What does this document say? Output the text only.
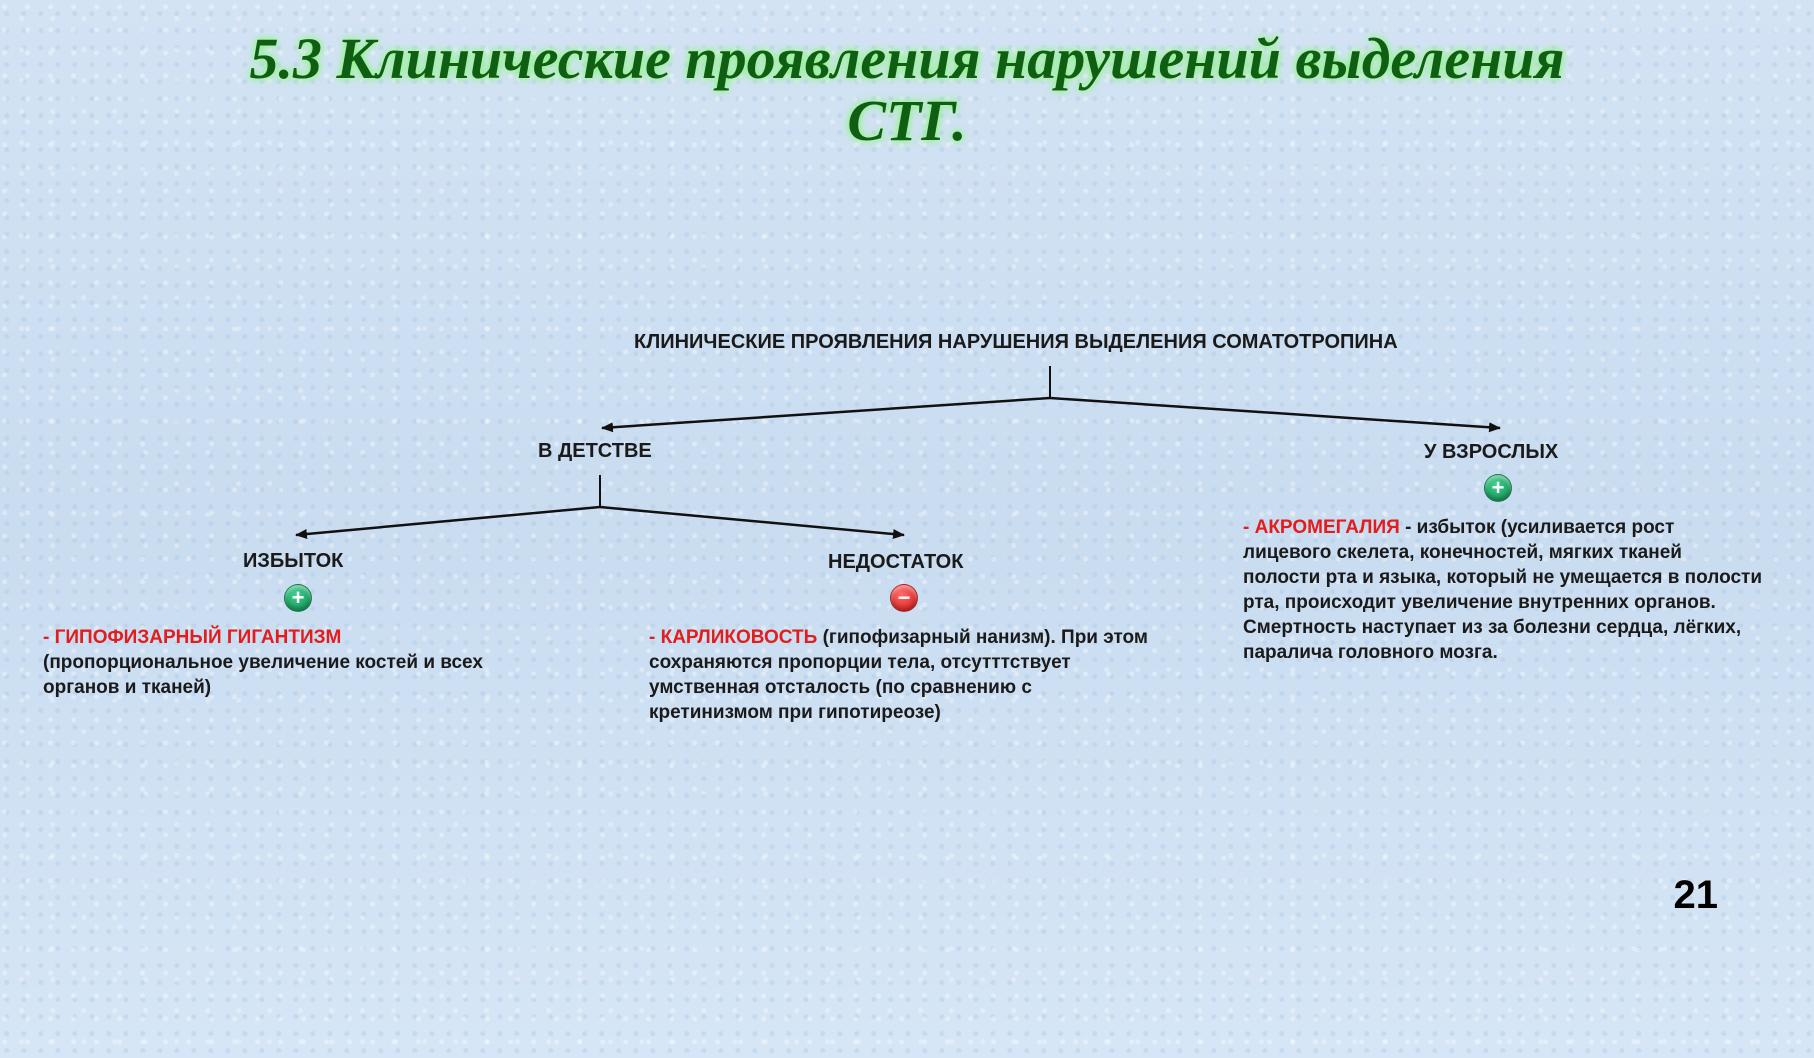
5.3 Клинические проявления нарушений выделения
СТГ.
КЛИНИЧЕСКИЕ ПРОЯВЛЕНИЯ НАРУШЕНИЯ ВЫДЕЛЕНИЯ СОМАТОТРОПИНА
В ДЕТСТВЕ	У ВЗРОСЛЫХ
+
ИЗБЫТОК	НЕДОСТАТОК
+	−
- ГИПОФИЗАРНЫЙ ГИГАНТИЗМ
(пропорциональное увеличение костей и всех органов и тканей)
- КАРЛИКОВОСТЬ (гипофизарный нанизм). При этом сохраняются пропорции тела, отсутттствует умственная отсталость (по сравнению с кретинизмом при гипотиреозе)
- АКРОМЕГАЛИЯ - избыток (усиливается рост лицевого скелета, конечностей, мягких тканей полости рта и языка, который не умещается в полости рта, происходит увеличение внутренних органов. Смертность наступает из за болезни сердца, лёгких, паралича головного мозга.
21
